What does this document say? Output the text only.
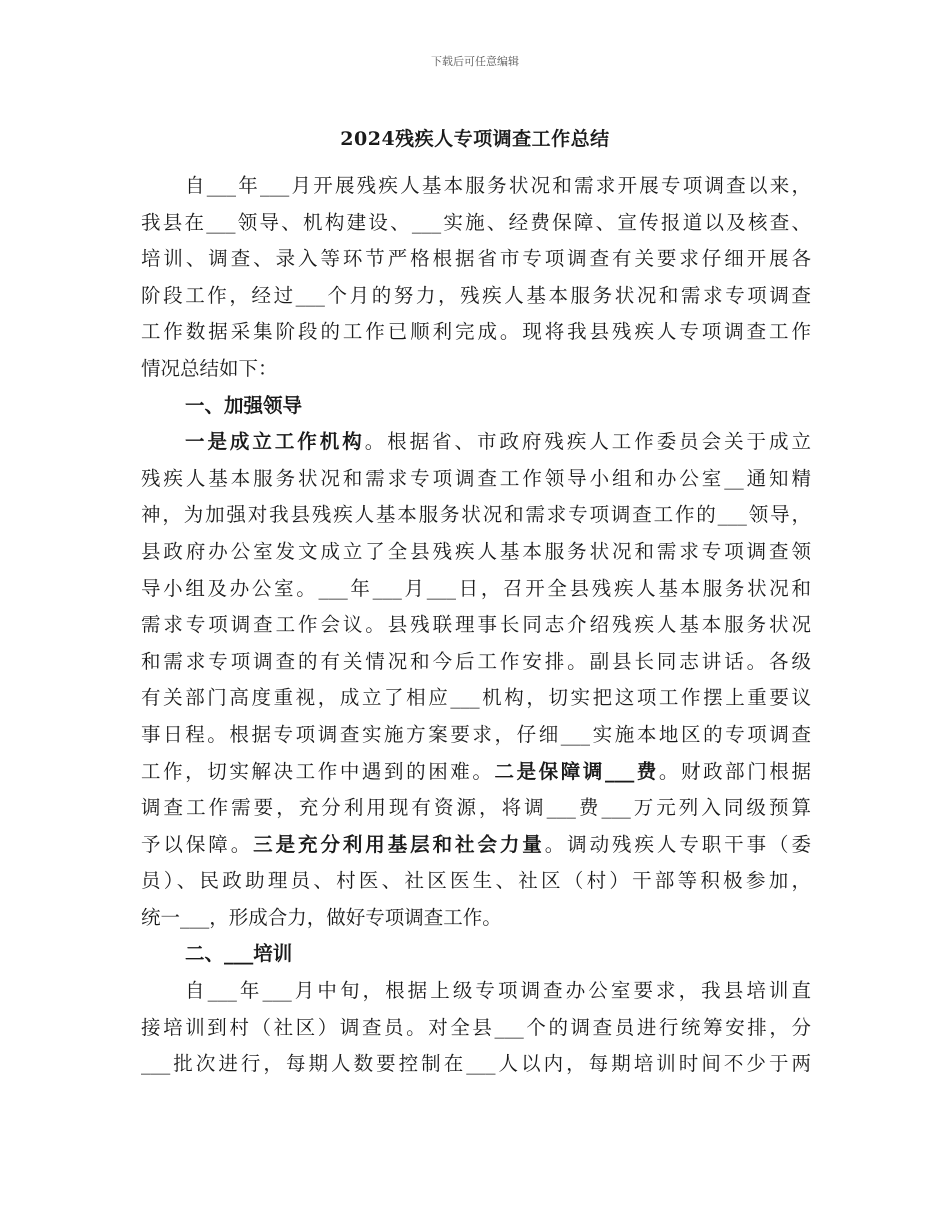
下载后可任意编辑
2024残疾人专项调查工作总结
自___年___月开展残疾人基本服务状况和需求开展专项调查以来，
我县在___领导、机构建设、___实施、经费保障、宣传报道以及核查、
培训、调查、录入等环节严格根据省市专项调查有关要求仔细开展各
阶段工作，经过___个月的努力，残疾人基本服务状况和需求专项调查
工作数据采集阶段的工作已顺利完成。现将我县残疾人专项调查工作
情况总结如下：
一、加强领导
一是成立工作机构。根据省、市政府残疾人工作委员会关于成立
残疾人基本服务状况和需求专项调查工作领导小组和办公室__通知精
神，为加强对我县残疾人基本服务状况和需求专项调查工作的___领导，
县政府办公室发文成立了全县残疾人基本服务状况和需求专项调查领
导小组及办公室。___年___月___日，召开全县残疾人基本服务状况和
需求专项调查工作会议。县残联理事长同志介绍残疾人基本服务状况
和需求专项调查的有关情况和今后工作安排。副县长同志讲话。各级
有关部门高度重视，成立了相应___机构，切实把这项工作摆上重要议
事日程。根据专项调查实施方案要求，仔细___实施本地区的专项调查
工作，切实解决工作中遇到的困难。二是保障调___费。财政部门根据
调查工作需要，充分利用现有资源，将调___费___万元列入同级预算
予以保障。三是充分利用基层和社会力量。调动残疾人专职干事（委
员）、民政助理员、村医、社区医生、社区（村）干部等积极参加，
统一___，形成合力，做好专项调查工作。
二、___培训
自___年___月中旬，根据上级专项调查办公室要求，我县培训直
接培训到村（社区）调查员。对全县___个的调查员进行统筹安排，分
___批次进行，每期人数要控制在___人以内，每期培训时间不少于两
